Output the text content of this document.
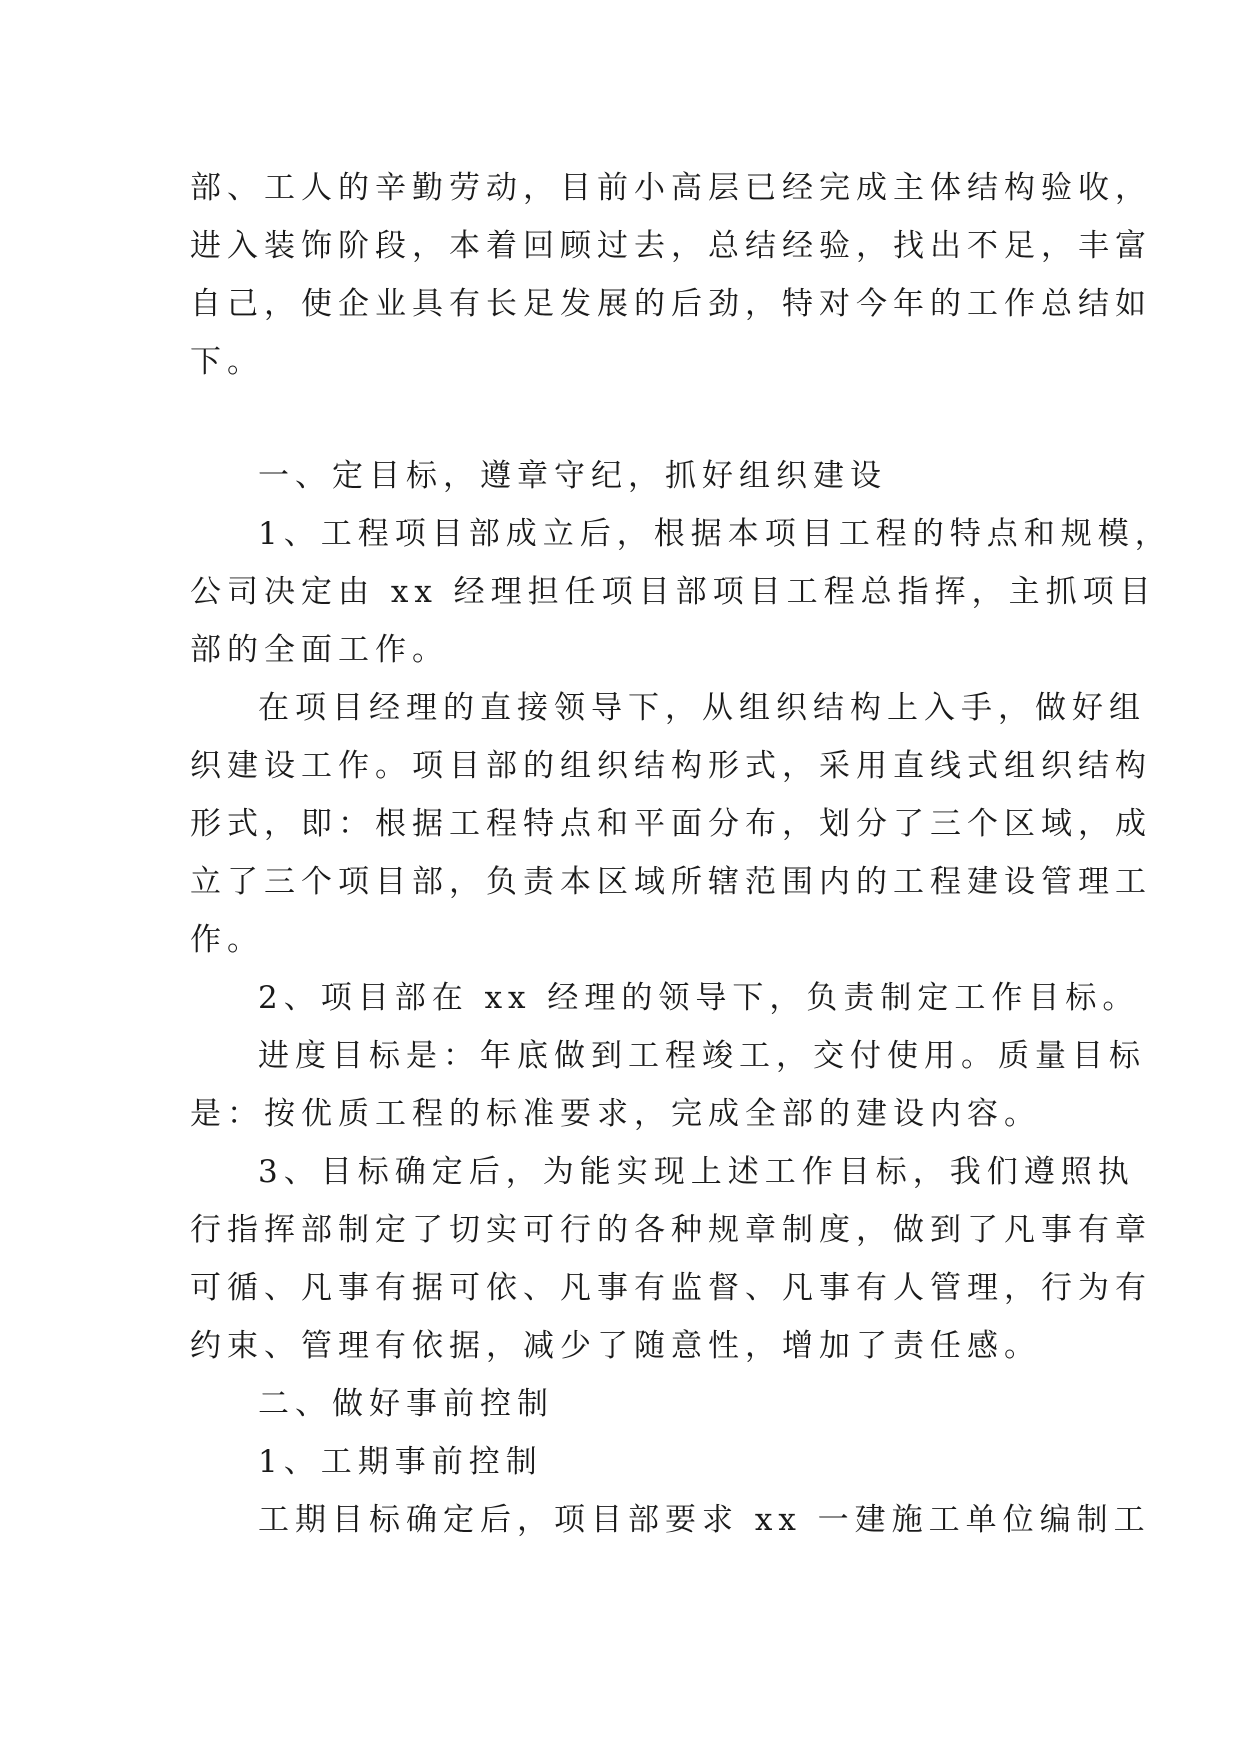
部、工人的辛勤劳动，目前小高层已经完成主体结构验收，
进入装饰阶段，本着回顾过去，总结经验，找出不足，丰富
自己，使企业具有长足发展的后劲，特对今年的工作总结如
下。
一、定目标，遵章守纪，抓好组织建设
1、工程项目部成立后，根据本项目工程的特点和规模，
公司决定由 xx 经理担任项目部项目工程总指挥，主抓项目
部的全面工作。
在项目经理的直接领导下，从组织结构上入手，做好组
织建设工作。项目部的组织结构形式，采用直线式组织结构
形式，即：根据工程特点和平面分布，划分了三个区域，成
立了三个项目部，负责本区域所辖范围内的工程建设管理工
作。
2、项目部在 xx 经理的领导下，负责制定工作目标。
进度目标是：年底做到工程竣工，交付使用。质量目标
是：按优质工程的标准要求，完成全部的建设内容。
3、目标确定后，为能实现上述工作目标，我们遵照执
行指挥部制定了切实可行的各种规章制度，做到了凡事有章
可循、凡事有据可依、凡事有监督、凡事有人管理，行为有
约束、管理有依据，减少了随意性，增加了责任感。
二、做好事前控制
1、工期事前控制
工期目标确定后，项目部要求 xx 一建施工单位编制工
